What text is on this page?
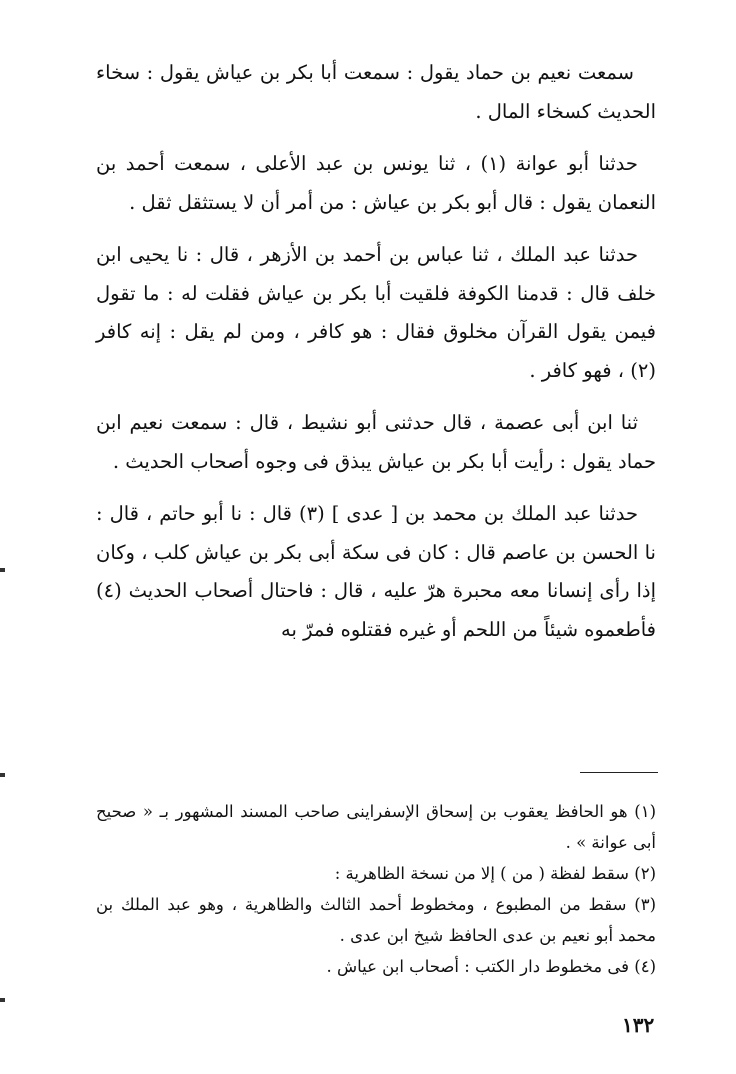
سمعت نعيم بن حماد يقول : سمعت أبا بكر بن عياش يقول : سخاء الحديث كسخاء المال .

حدثنا أبو عوانة (١) ، ثنا يونس بن عبد الأعلى ، سمعت أحمد بن النعمان يقول : قال أبو بكر بن عياش : من أمر أن لا يستثقل ثقل .

حدثنا عبد الملك ، ثنا عباس بن أحمد بن الأزهر ، قال : نا يحيى ابن خلف قال : قدمنا الكوفة فلقيت أبا بكر بن عياش فقلت له : ما تقول فيمن يقول القرآن مخلوق فقال : هو كافر ، ومن لم يقل : إنه كافر (٢) ، فهو كافر .

ثنا ابن أبى عصمة ، قال حدثنى أبو نشيط ، قال : سمعت نعيم ابن حماد يقول : رأيت أبا بكر بن عياش يبذق فى وجوه أصحاب الحديث .

حدثنا عبد الملك بن محمد بن [ عدى ] (٣) قال : نا أبو حاتم ، قال : نا الحسن بن عاصم قال : كان فى سكة أبى بكر بن عياش كلب ، وكان إذا رأى إنسانا معه محبرة هرّ عليه ، قال : فاحتال أصحاب الحديث (٤) فأطعموه شيئاً من اللحم أو غيره فقتلوه فمرّ به

(١) هو الحافظ يعقوب بن إسحاق الإسفراينى صاحب المسند المشهور بـ « صحيح أبى عوانة » .

(٢) سقط لفظة ( من ) إلا من نسخة الظاهرية :

(٣) سقط من المطبوع ، ومخطوط أحمد الثالث والظاهرية ، وهو عبد الملك بن محمد أبو نعيم بن عدى الحافظ شيخ ابن عدى .

(٤) فى مخطوط دار الكتب : أصحاب ابن عياش .

١٣٢
